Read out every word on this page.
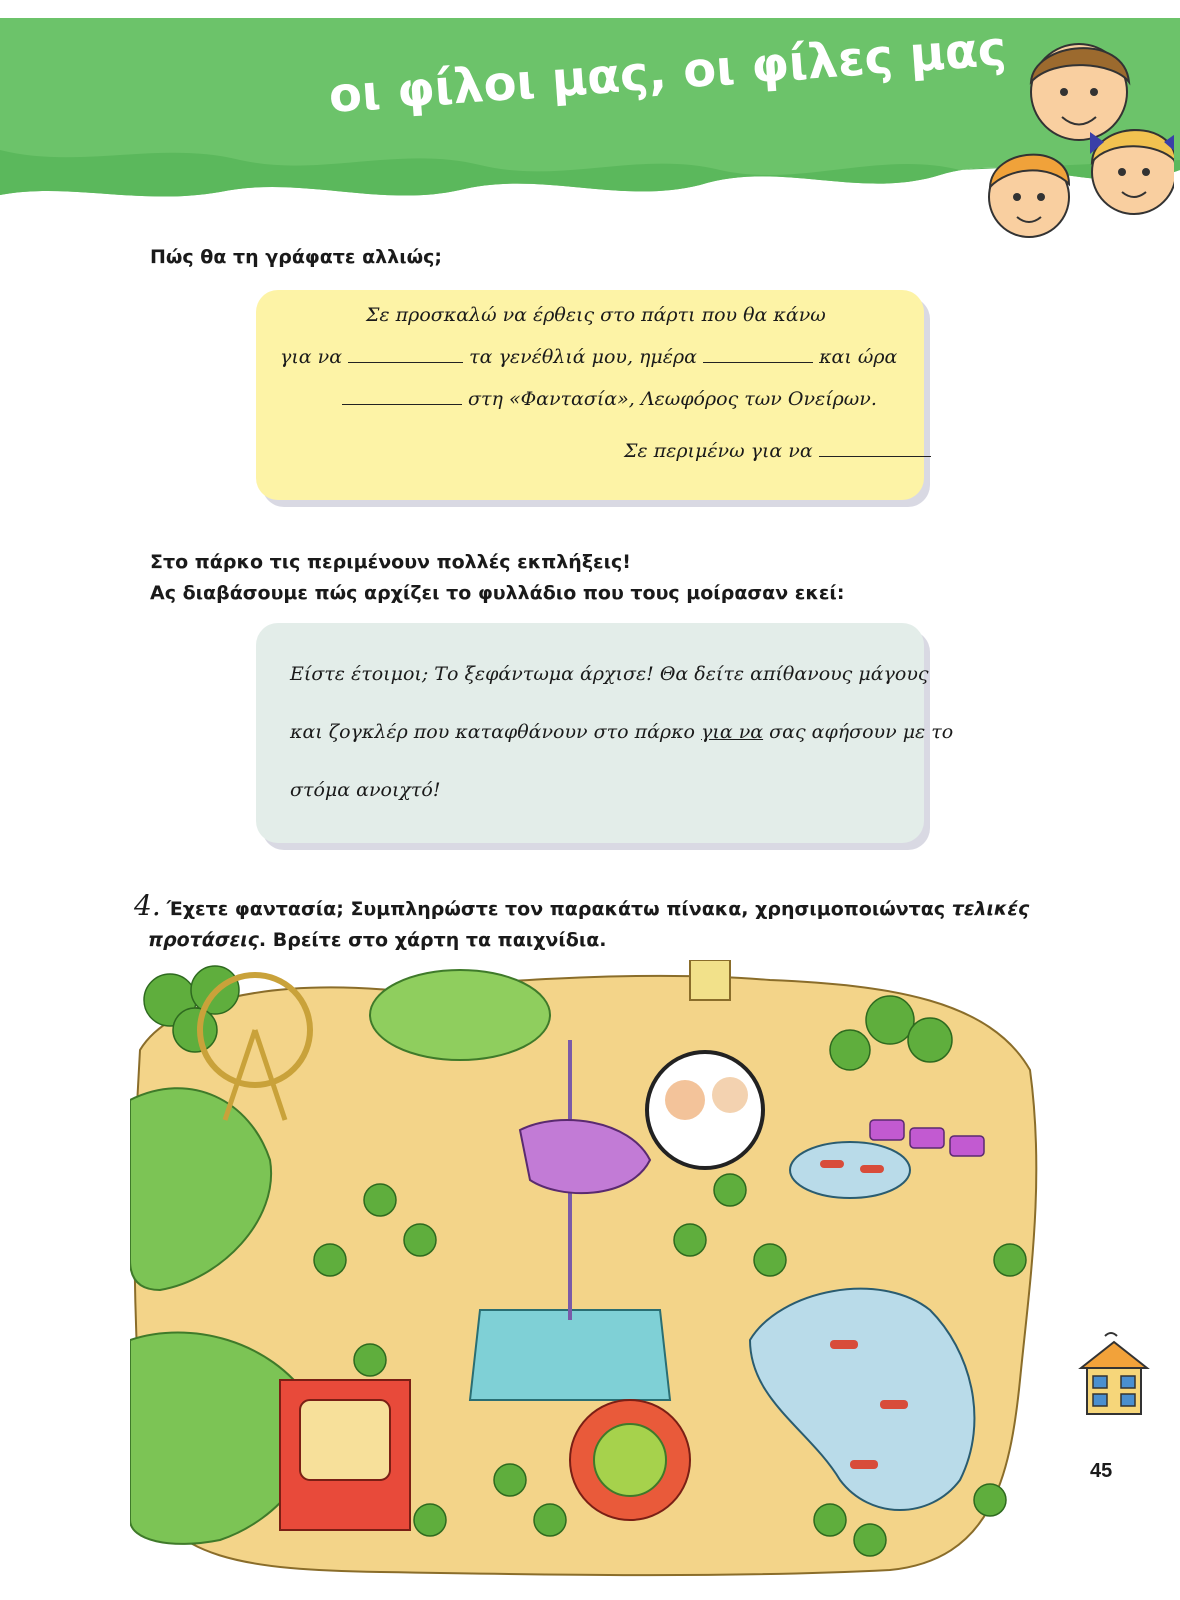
οι φίλοι μας, οι φίλες μας
Πώς θα τη γράφατε αλλιώς;
Σε προσκαλώ να έρθεις στο πάρτι που θα κάνω
για να	τα γενέθλιά μου, ημέρα	και ώρα
στη «Φαντασία», Λεωφόρος των Ονείρων.
Σε περιμένω για να
Στο πάρκο τις περιμένουν πολλές εκπλήξεις!
Ας διαβάσουμε πώς αρχίζει το φυλλάδιο που τους μοίρασαν εκεί:
Είστε έτοιμοι; Το ξεφάντωμα άρχισε! Θα δείτε απίθανους μάγους
και ζογκλέρ που καταφθάνουν στο πάρκο για να σας αφήσουν με το
στόμα ανοιχτό!
4. Έχετε φαντασία; Συμπληρώστε τον παρακάτω πίνακα, χρησιμοποιώντας τελικές
προτάσεις. Βρείτε στο χάρτη τα παιχνίδια.
45
